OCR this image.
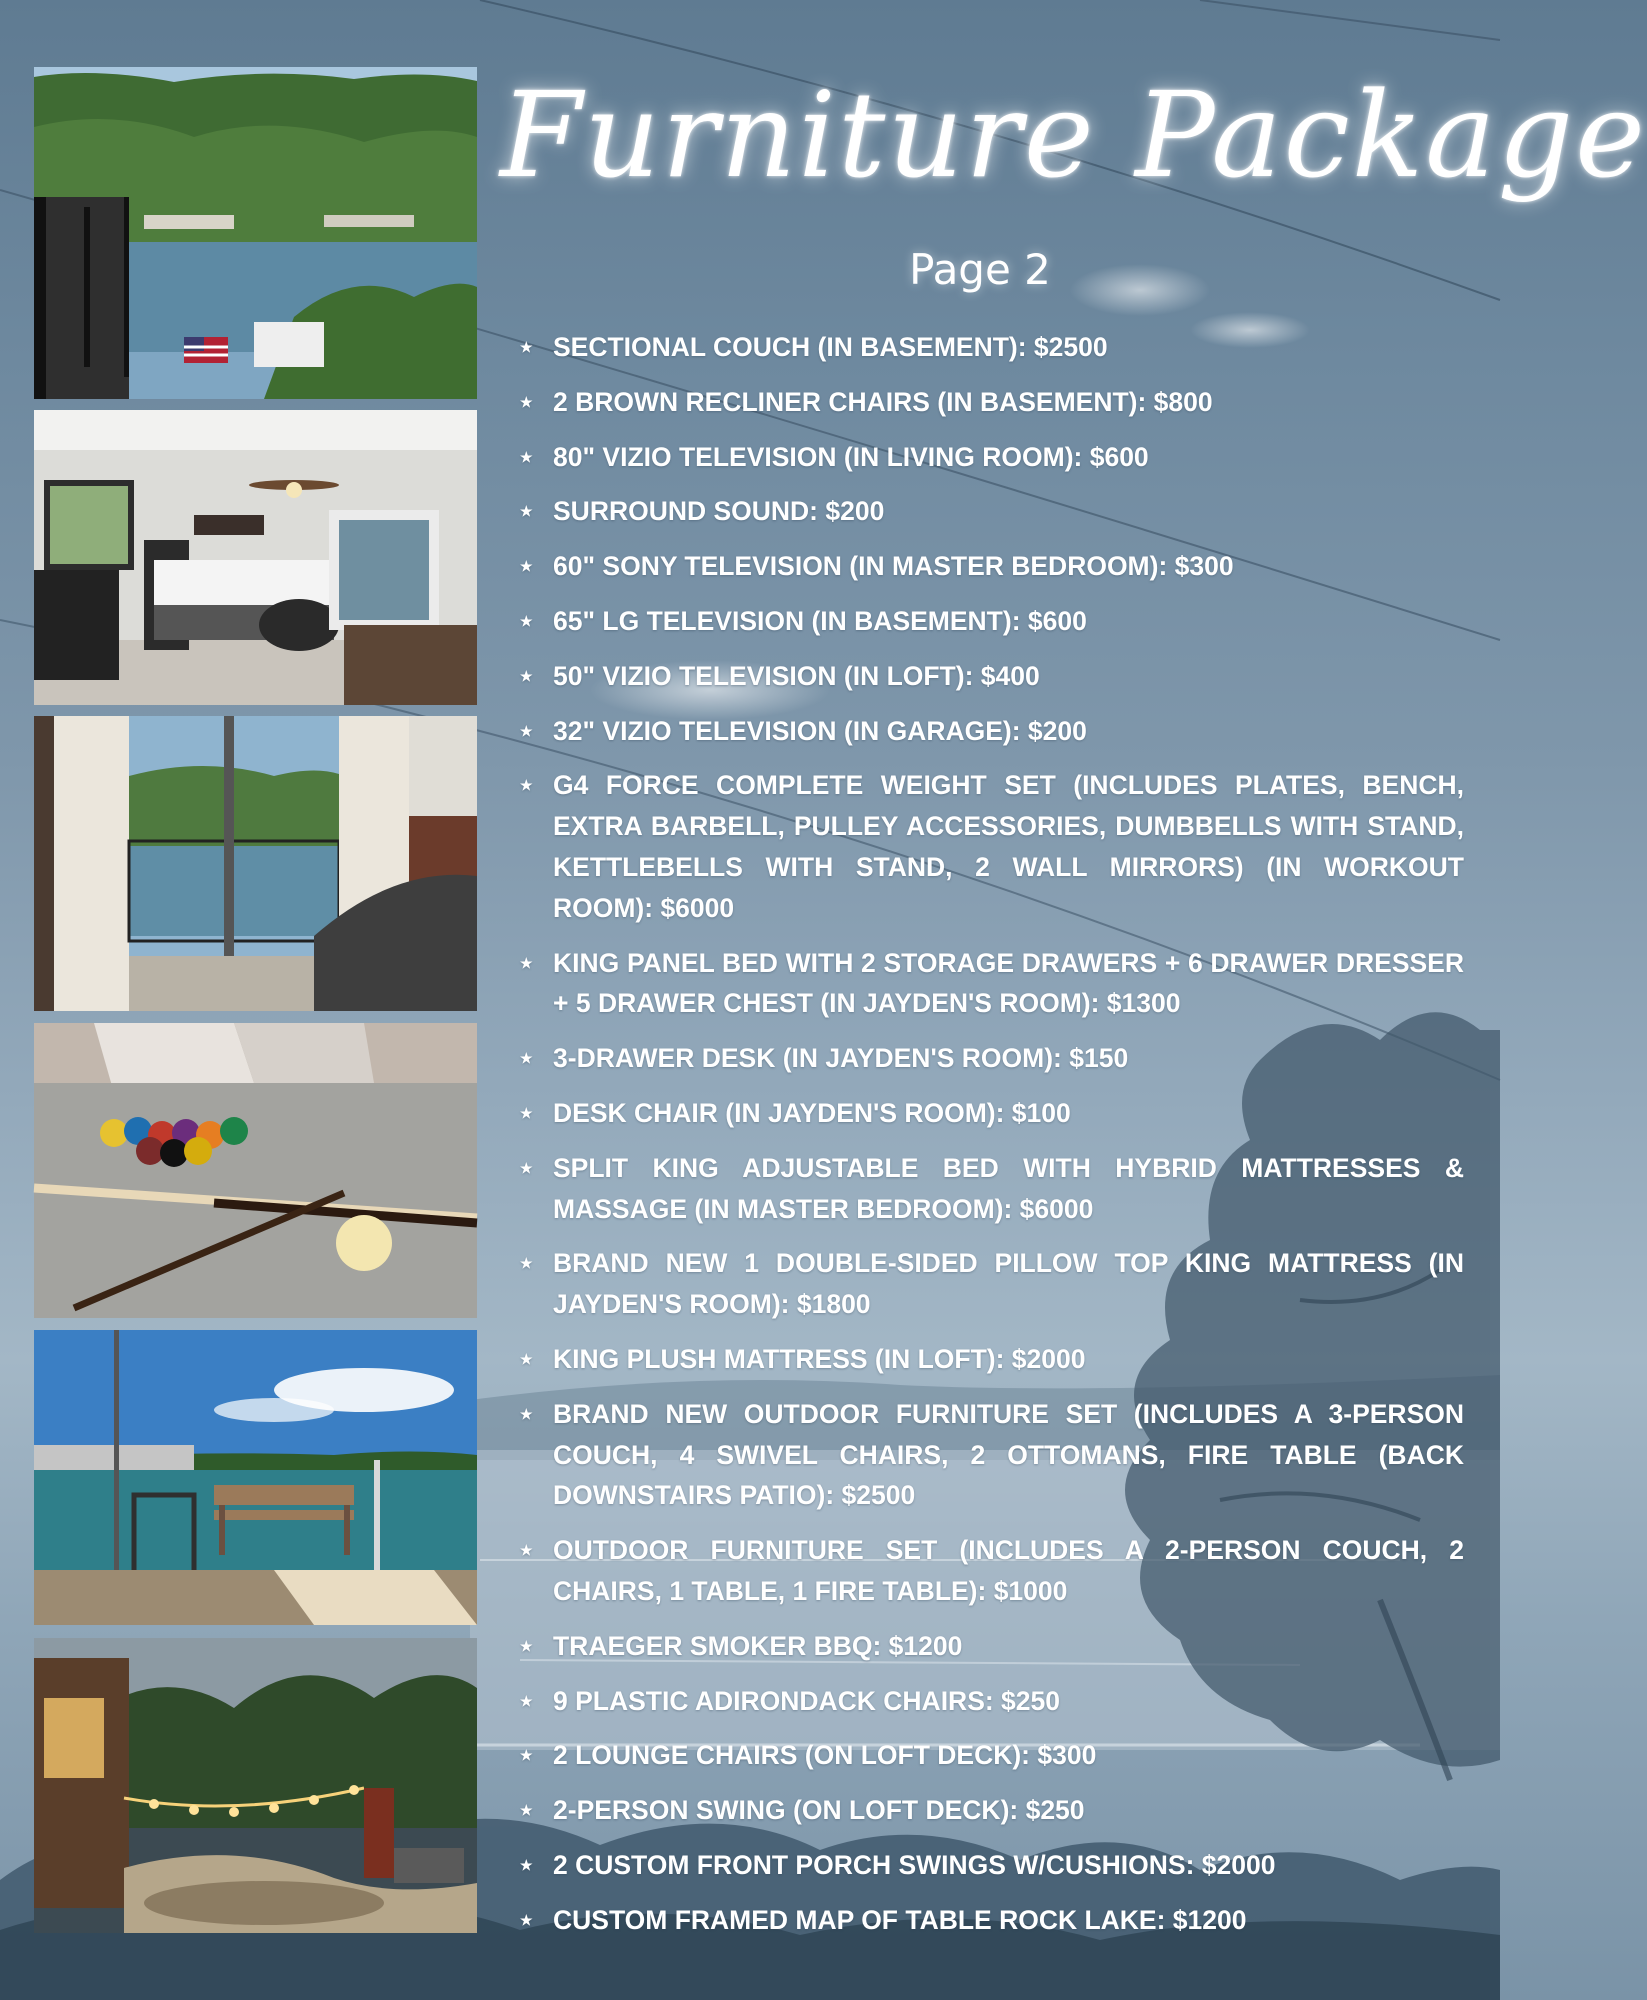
Furniture Package
Page 2
★ SECTIONAL COUCH (IN BASEMENT): $2500
★ 2 BROWN RECLINER CHAIRS (IN BASEMENT): $800
★ 80" VIZIO TELEVISION (IN LIVING ROOM): $600
★ SURROUND SOUND: $200
★ 60" SONY TELEVISION (IN MASTER BEDROOM): $300
★ 65" LG TELEVISION (IN BASEMENT): $600
★ 50" VIZIO TELEVISION (IN LOFT): $400
★ 32" VIZIO TELEVISION (IN GARAGE): $200
★ G4 FORCE COMPLETE WEIGHT SET (INCLUDES PLATES, BENCH, EXTRA BARBELL, PULLEY ACCESSORIES, DUMBBELLS WITH STAND, KETTLEBELLS WITH STAND, 2 WALL MIRRORS) (IN WORKOUT ROOM): $6000
★ KING PANEL BED WITH 2 STORAGE DRAWERS + 6 DRAWER DRESSER + 5 DRAWER CHEST (IN JAYDEN'S ROOM): $1300
★ 3-DRAWER DESK (IN JAYDEN'S ROOM): $150
★ DESK CHAIR (IN JAYDEN'S ROOM): $100
★ SPLIT KING ADJUSTABLE BED WITH HYBRID MATTRESSES & MASSAGE (IN MASTER BEDROOM): $6000
★ BRAND NEW 1 DOUBLE-SIDED PILLOW TOP KING MATTRESS (IN JAYDEN'S ROOM): $1800
★ KING PLUSH MATTRESS (IN LOFT): $2000
★ BRAND NEW OUTDOOR FURNITURE SET (INCLUDES A 3-PERSON COUCH, 4 SWIVEL CHAIRS, 2 OTTOMANS, FIRE TABLE (BACK DOWNSTAIRS PATIO): $2500
★ OUTDOOR FURNITURE SET (INCLUDES A 2-PERSON COUCH, 2 CHAIRS, 1 TABLE, 1 FIRE TABLE): $1000
★ TRAEGER SMOKER BBQ: $1200
★ 9 PLASTIC ADIRONDACK CHAIRS: $250
★ 2 LOUNGE CHAIRS (ON LOFT DECK): $300
★ 2-PERSON SWING (ON LOFT DECK): $250
★ 2 CUSTOM FRONT PORCH SWINGS W/CUSHIONS: $2000
★ CUSTOM FRAMED MAP OF TABLE ROCK LAKE: $1200
